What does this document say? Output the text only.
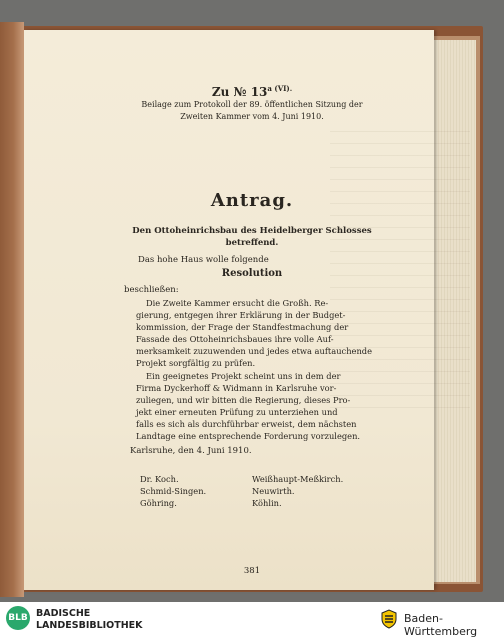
Zu № $13^{a (VI).}$
Beilage zum Protokoll der 89. öffentlichen Sitzung der
Zweiten Kammer vom 4. Juni 1910.
Antrag.
Den Ottoheinrichsbau des Heidelberger Schlosses
betreffend.
Das hohe Haus wolle folgende
Resolution
beschließen:
Die Zweite Kammer ersucht die Großh. Re-
gierung, entgegen ihrer Erklärung in der Budget-
kommission, der Frage der Standfestmachung der
Fassade des Ottoheinrichsbaues ihre volle Auf-
merksamkeit zuzuwenden und jedes etwa auftauchende
Projekt sorgfältig zu prüfen.
Ein geeignetes Projekt scheint uns in dem der
Firma Dyckerhoff & Widmann in Karlsruhe vor-
zuliegen, und wir bitten die Regierung, dieses Pro-
jekt einer erneuten Prüfung zu unterziehen und
falls es sich als durchführbar erweist, dem nächsten
Landtage eine entsprechende Forderung vorzulegen.
Karlsruhe, den 4. Juni 1910.
Dr. Koch.
Schmid-Singen.
Göhring.
Weißhaupt-Meßkirch.
Neuwirth.
Köhlin.
381
BLB BADISCHE
LANDESBIBLIOTHEK
Baden-Württemberg
